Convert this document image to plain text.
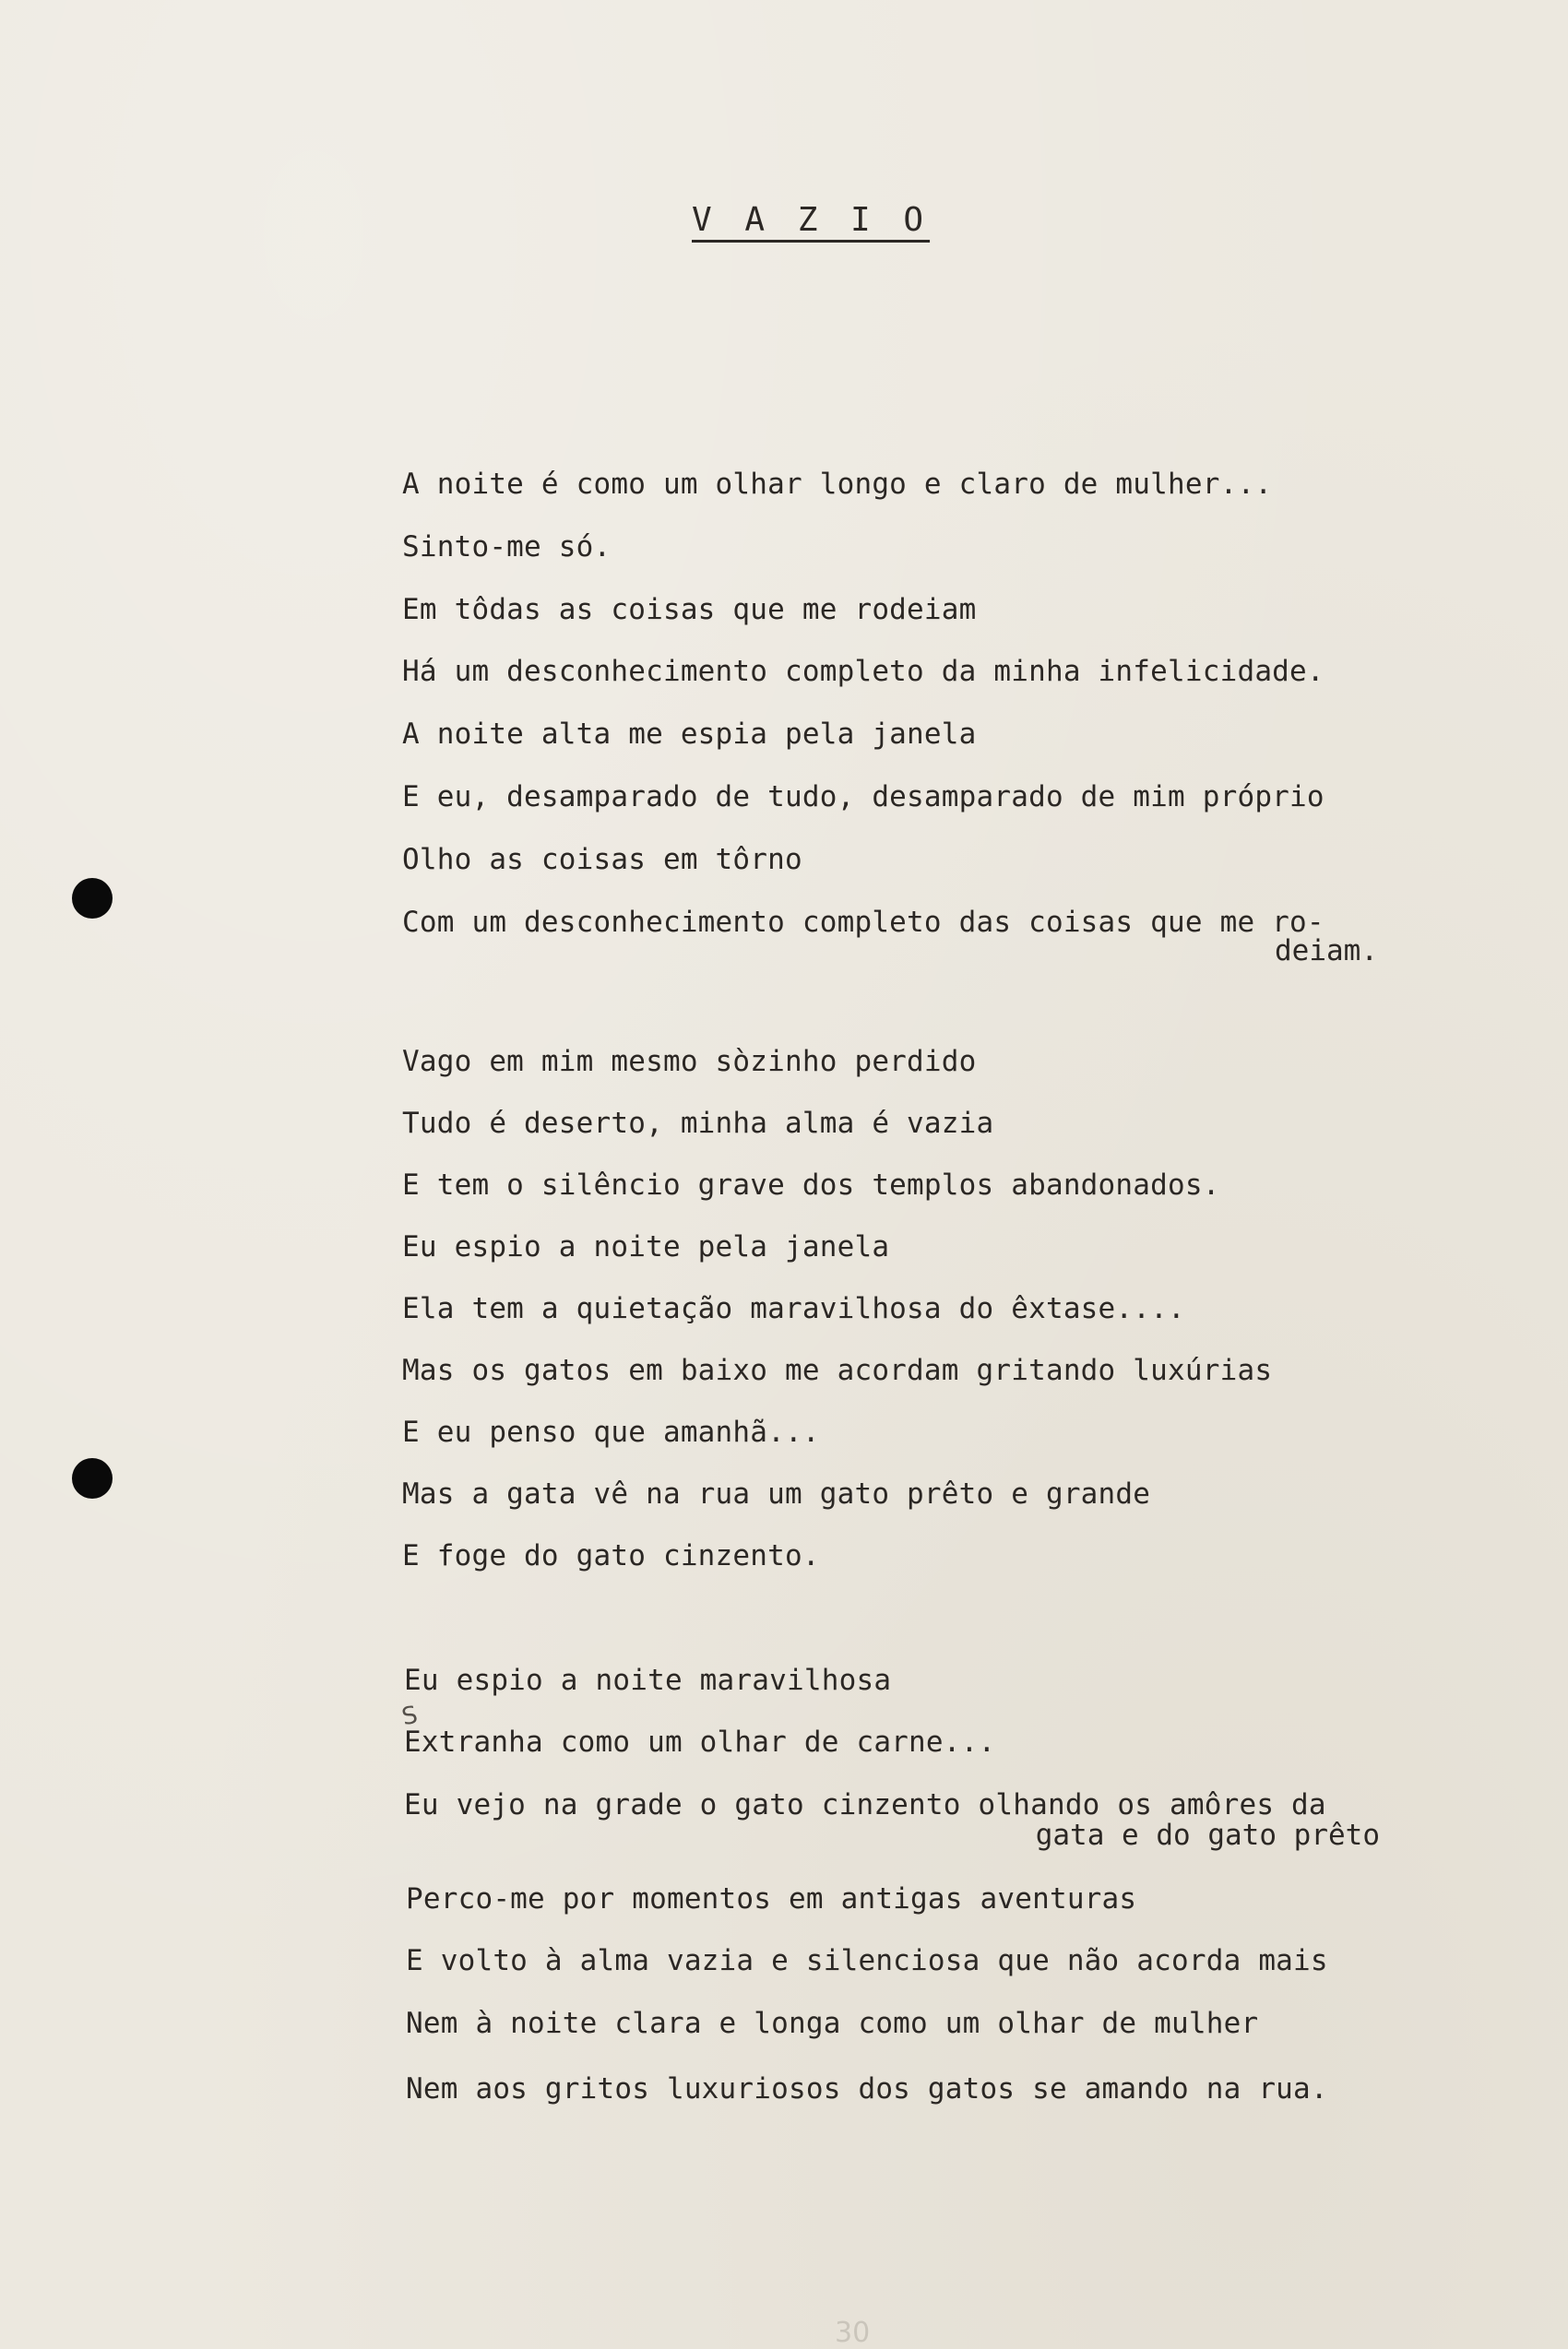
V A Z I O
A noite é como um olhar longo e claro de mulher...
Sinto-me só.
Em tôdas as coisas que me rodeiam
Há um desconhecimento completo da minha infelicidade.
A noite alta me espia pela janela
E eu, desamparado de tudo, desamparado de mim próprio
Olho as coisas em tôrno
Com um desconhecimento completo das coisas que me ro-
deiam.
Vago em mim mesmo sòzinho perdido
Tudo é deserto, minha alma é vazia
E tem o silêncio grave dos templos abandonados.
Eu espio a noite pela janela
Ela tem a quietação maravilhosa do êxtase....
Mas os gatos em baixo me acordam gritando luxúrias
E eu penso que amanhã...
Mas a gata vê na rua um gato prêto e grande
E foge do gato cinzento.
Eu espio a noite maravilhosa
S
Extranha como um olhar de carne...
Eu vejo na grade o gato cinzento olhando os amôres da
gata e do gato prêto
Perco-me por momentos em antigas aventuras
E volto à alma vazia e silenciosa que não acorda mais
Nem à noite clara e longa como um olhar de mulher
Nem aos gritos luxuriosos dos gatos se amando na rua.
30
